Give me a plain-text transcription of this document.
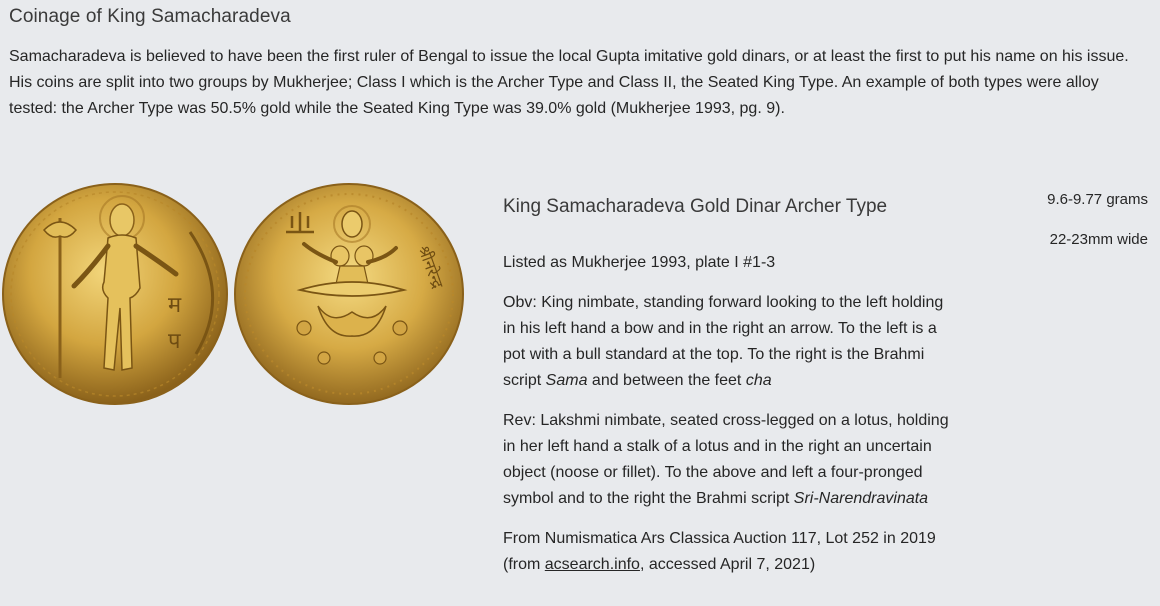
Coinage of King Samacharadeva

Samacharadeva is believed to have been the first ruler of Bengal to issue the local Gupta imitative gold dinars, or at least the first to put his name on his issue. His coins are split into two groups by Mukherjee; Class I which is the Archer Type and Class II, the Seated King Type. An example of both types were alloy tested: the Archer Type was 50.5% gold while the Seated King Type was 39.0% gold (Mukherjee 1993, pg. 9).

म
प
श्रीनरेन्द्र
King Samacharadeva Gold Dinar Archer Type	9.6-9.77 grams
22-23mm wide

Listed as Mukherjee 1993, plate I #1-3

Obv: King nimbate, standing forward looking to the left holding in his left hand a bow and in the right an arrow. To the left is a pot with a bull standard at the top. To the right is the Brahmi script Sama and between the feet cha

Rev: Lakshmi nimbate, seated cross-legged on a lotus, holding in her left hand a stalk of a lotus and in the right an uncertain object (noose or fillet). To the above and left a four-pronged symbol and to the right the Brahmi script Sri-Narendravinata

From Numismatica Ars Classica Auction 117, Lot 252 in 2019 (from acsearch.info, accessed April 7, 2021)
